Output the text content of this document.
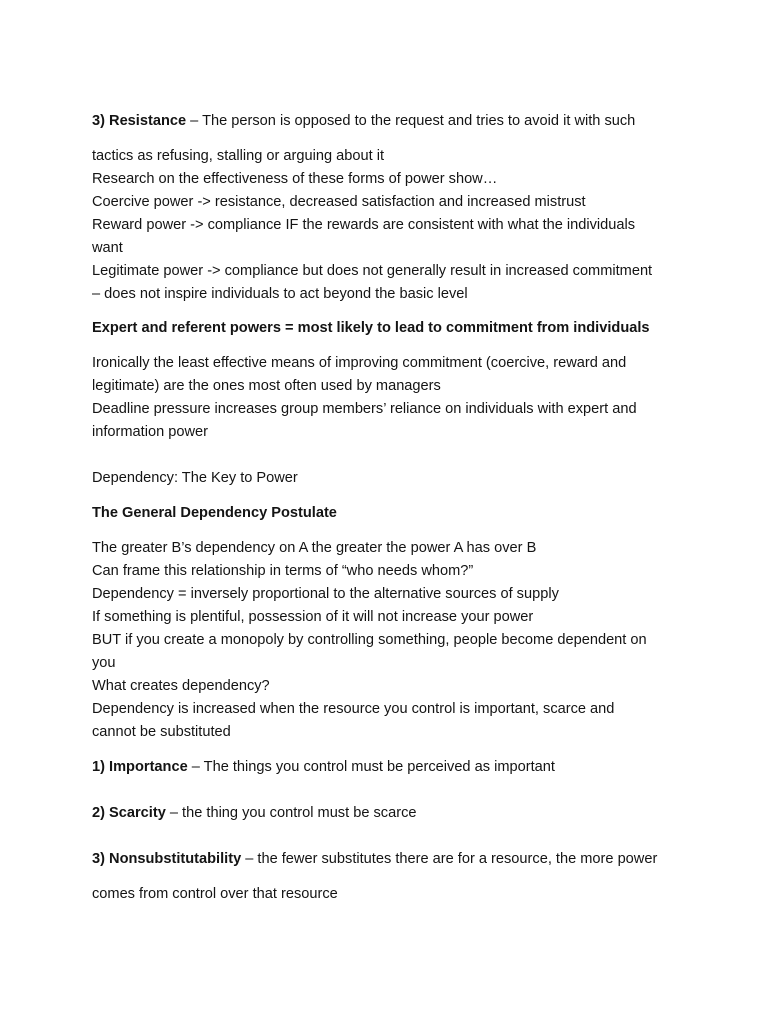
3) Resistance – The person is opposed to the request and tries to avoid it with such
tactics as refusing, stalling or arguing about it
Research on the effectiveness of these forms of power show…
Coercive power -> resistance, decreased satisfaction and increased mistrust
Reward power -> compliance IF the rewards are consistent with what the individuals
want
Legitimate power -> compliance but does not generally result in increased commitment
– does not inspire individuals to act beyond the basic level
Expert and referent powers = most likely to lead to commitment from individuals
Ironically the least effective means of improving commitment (coercive, reward and
legitimate) are the ones most often used by managers
Deadline pressure increases group members’ reliance on individuals with expert and
information power
Dependency: The Key to Power
The General Dependency Postulate
The greater B’s dependency on A the greater the power A has over B
Can frame this relationship in terms of “who needs whom?”
Dependency = inversely proportional to the alternative sources of supply
If something is plentiful, possession of it will not increase your power
BUT if you create a monopoly by controlling something, people become dependent on
you
What creates dependency?
Dependency is increased when the resource you control is important, scarce and
cannot be substituted
1) Importance – The things you control must be perceived as important
2) Scarcity – the thing you control must be scarce
3) Nonsubstitutability – the fewer substitutes there are for a resource, the more power
comes from control over that resource
